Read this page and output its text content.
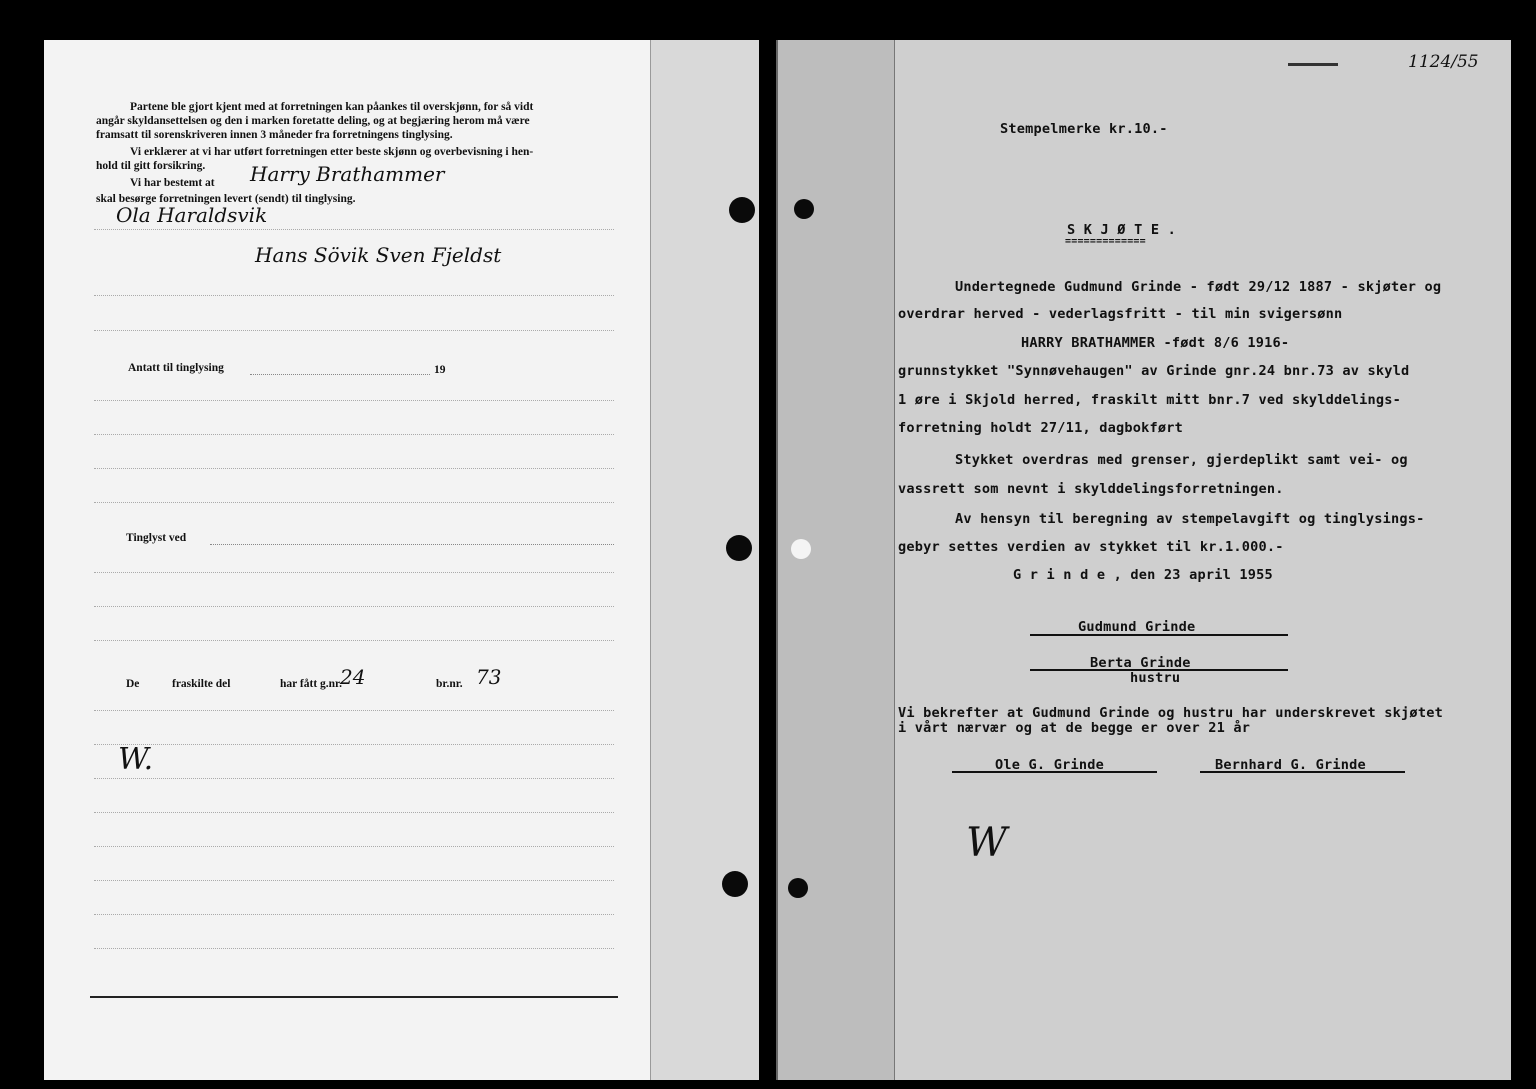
Partene ble gjort kjent med at forretningen kan påankes til overskjønn, for så vidt
angår skyldansettelsen og den i marken foretatte deling, og at begjæring herom må være
framsatt til sorenskriveren innen 3 måneder fra forretningens tinglysing.
Vi erklærer at vi har utført forretningen etter beste skjønn og overbevisning i hen-
hold til gitt forsikring.
Vi har bestemt at Harry Brathammer
skal besørge forretningen levert (sendt) til tinglysing.
Ola Haraldsvik
Hans Sövik Sven Fjeldst
Antatt til tinglysing	19
Tinglyst ved
De	fraskilte del	har fått g.nr.
24	br.nr. 73
W.
▬▬▬▬▬	1124/55
Stempelmerke kr.10.-
S K J Ø T E .
=============
Undertegnede Gudmund Grinde - født 29/12 1887 - skjøter og
overdrar herved - vederlagsfritt - til min svigersønn
HARRY BRATHAMMER -født 8/6 1916-
grunnstykket "Synnøvehaugen" av Grinde gnr.24 bnr.73 av skyld
1 øre i Skjold herred, fraskilt mitt bnr.7 ved skylddelings-
forretning holdt 27/11, dagbokført
Stykket overdras med grenser, gjerdeplikt samt vei- og
vassrett som nevnt i skylddelingsforretningen.
Av hensyn til beregning av stempelavgift og tinglysings-
gebyr settes verdien av stykket til kr.1.000.-
G r i n d e , den 23 april 1955
Gudmund Grinde
Berta Grinde
hustru
Vi bekrefter at Gudmund Grinde og hustru har underskrevet skjøtet
i vårt nærvær og at de begge er over 21 år
Ole G. Grinde	Bernhard G. Grinde
W
